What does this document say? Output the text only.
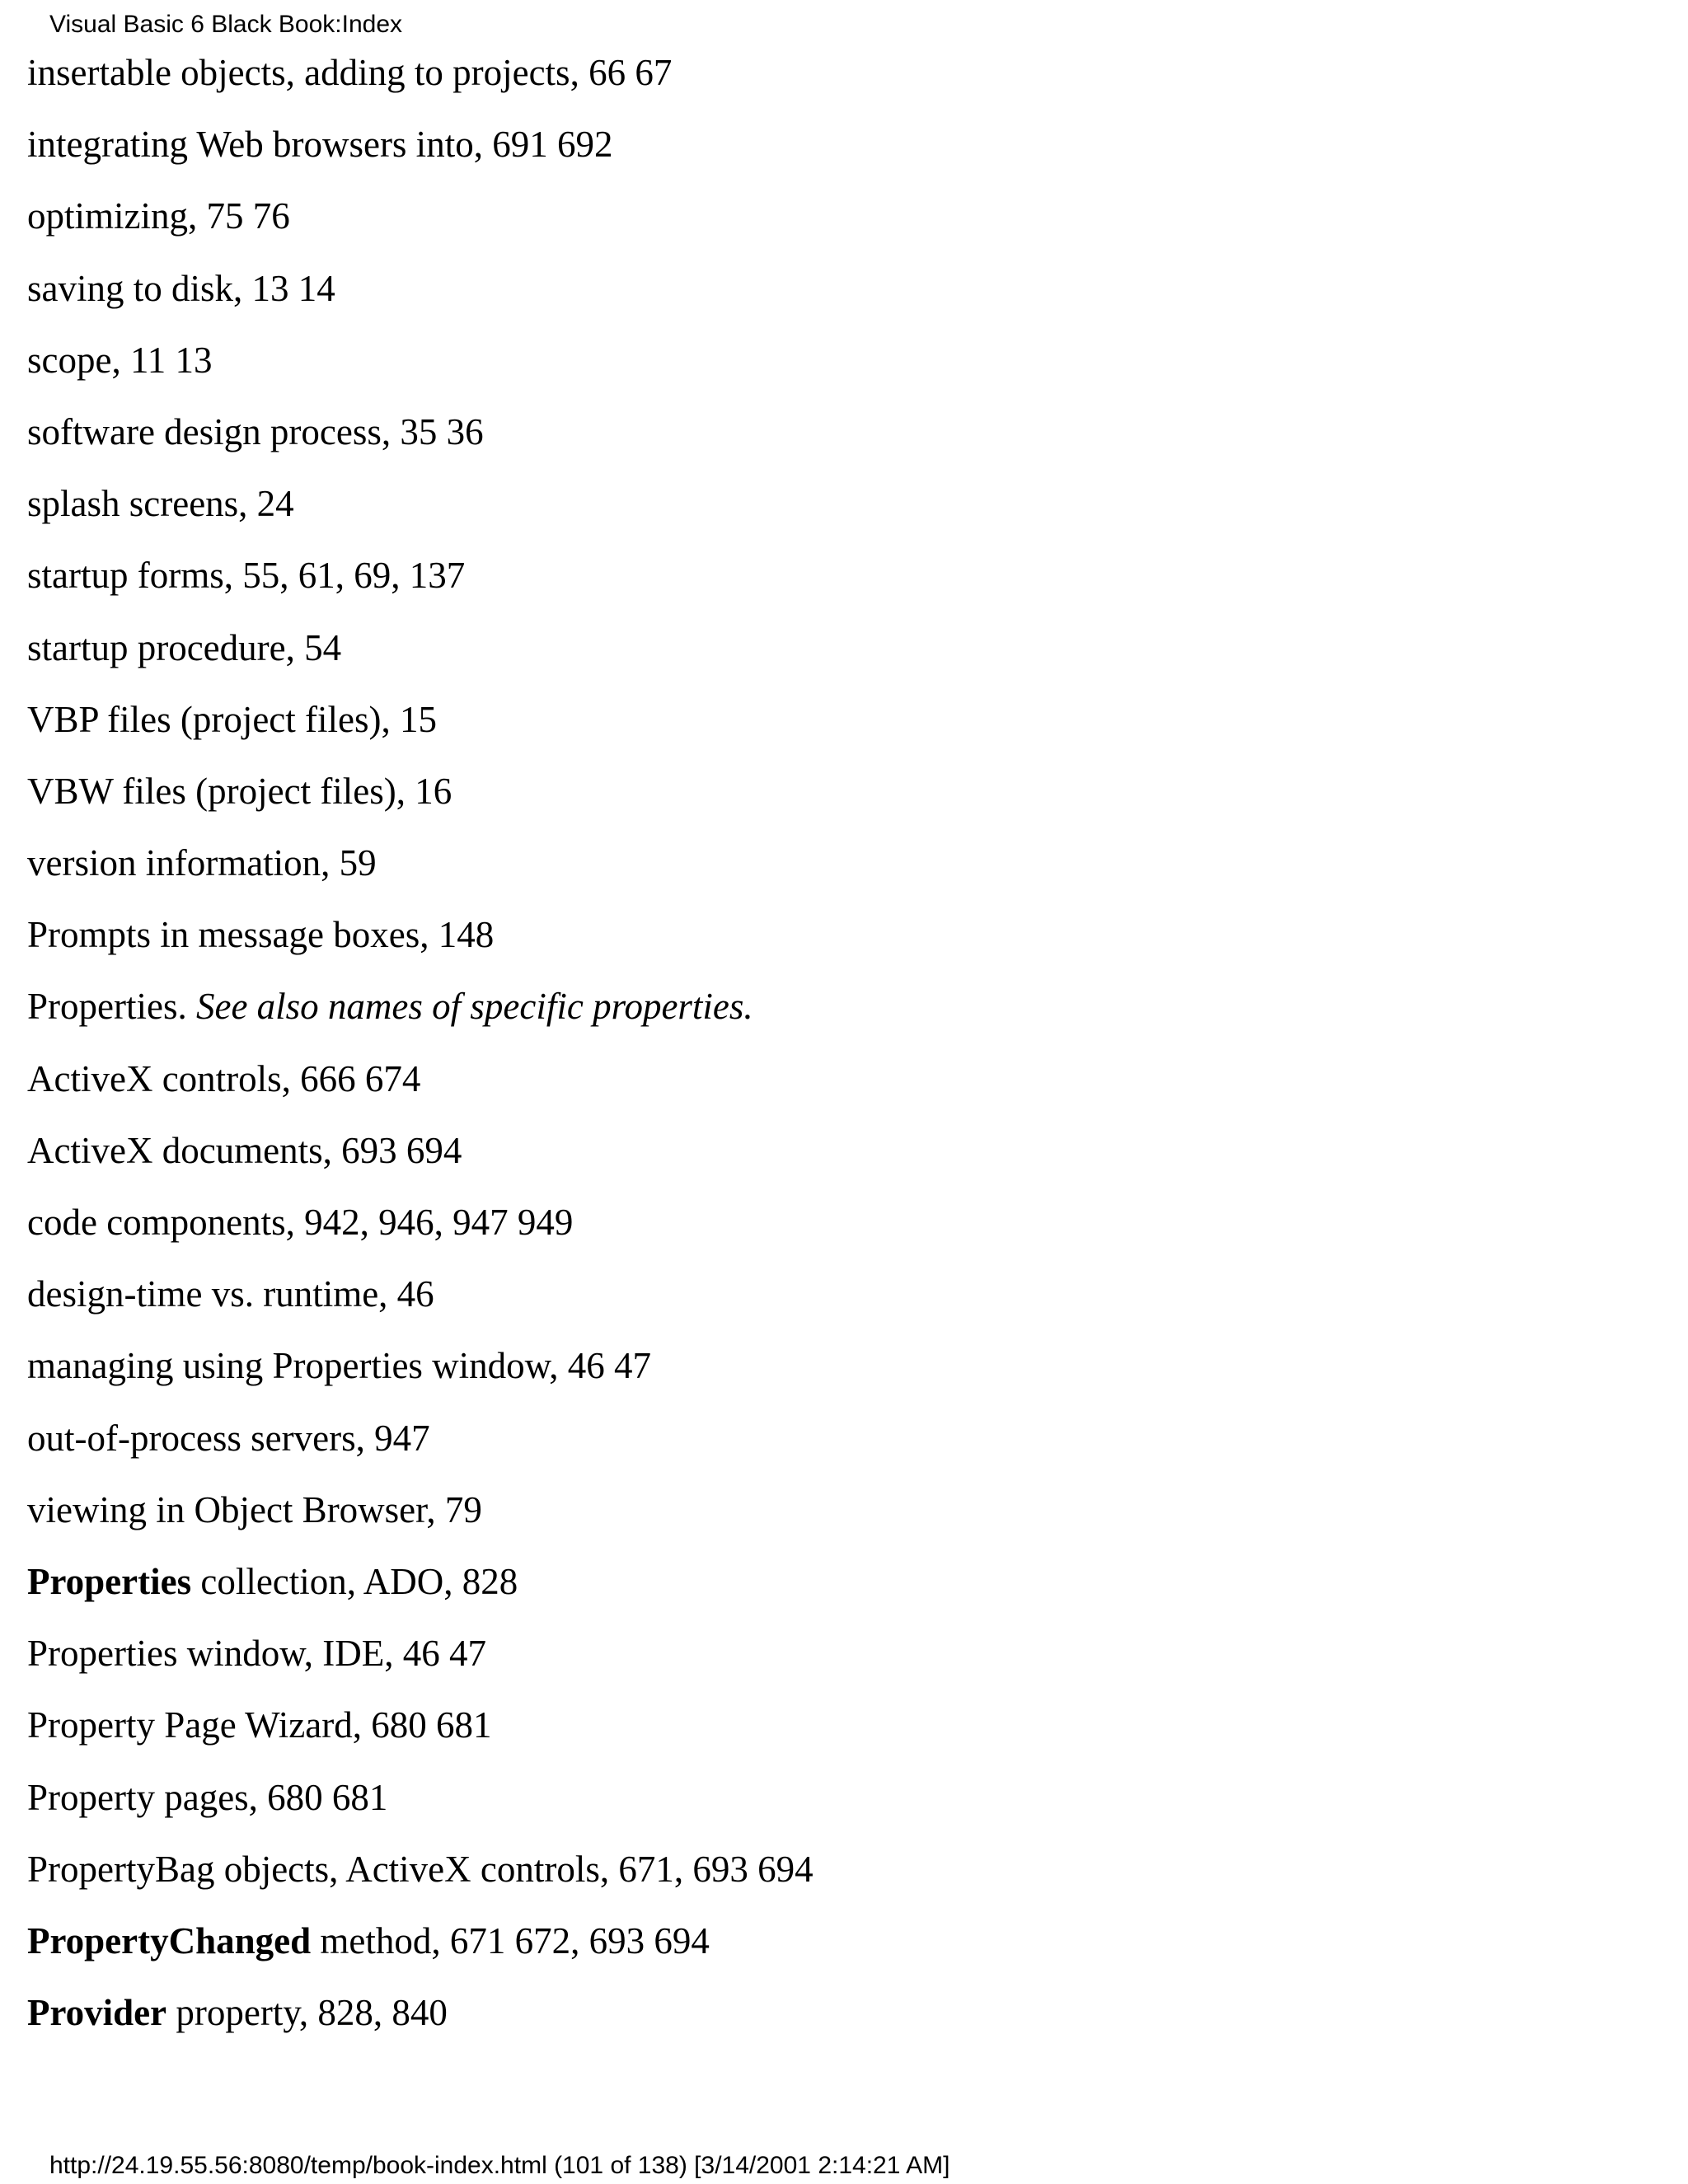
Visual Basic 6 Black Book:Index
insertable objects, adding to projects, 66 67
integrating Web browsers into, 691 692
optimizing, 75 76
saving to disk, 13 14
scope, 11 13
software design process, 35 36
splash screens, 24
startup forms, 55, 61, 69, 137
startup procedure, 54
VBP files (project files), 15
VBW files (project files), 16
version information, 59
Prompts in message boxes, 148
Properties. See also names of specific properties.
ActiveX controls, 666 674
ActiveX documents, 693 694
code components, 942, 946, 947 949
design-time vs. runtime, 46
managing using Properties window, 46 47
out-of-process servers, 947
viewing in Object Browser, 79
Properties collection, ADO, 828
Properties window, IDE, 46 47
Property Page Wizard, 680 681
Property pages, 680 681
PropertyBag objects, ActiveX controls, 671, 693 694
PropertyChanged method, 671 672, 693 694
Provider property, 828, 840
http://24.19.55.56:8080/temp/book-index.html (101 of 138) [3/14/2001 2:14:21 AM]
